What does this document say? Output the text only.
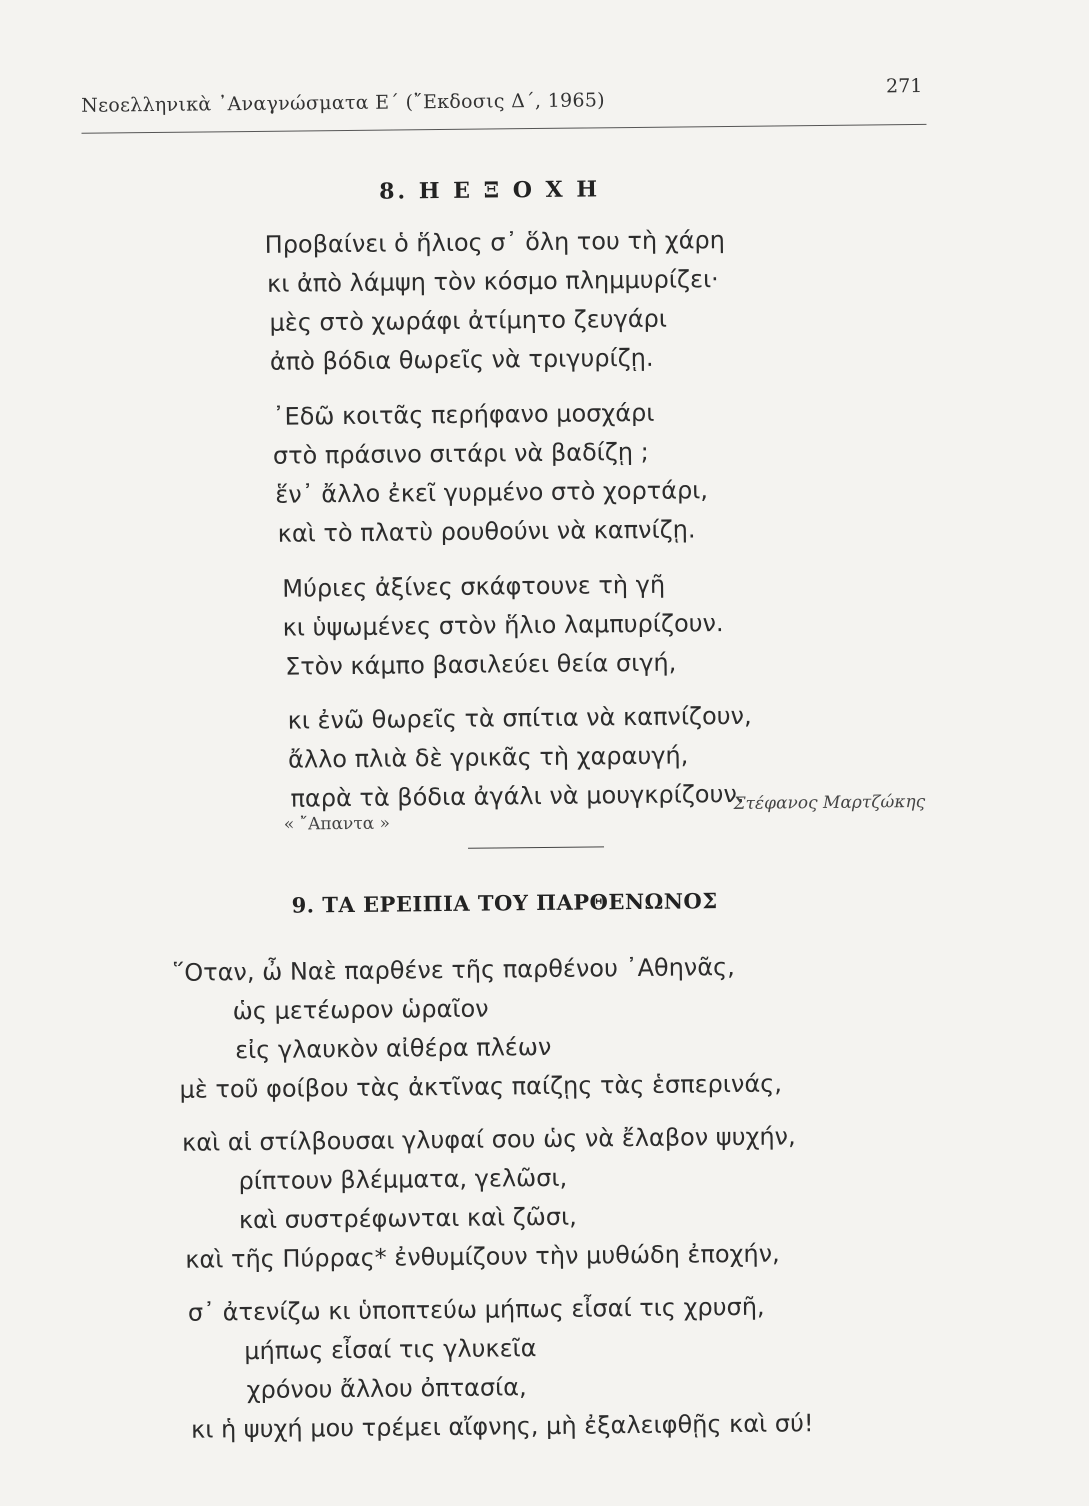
Νεοελληνικὰ ᾿Αναγνώσματα Ε΄ (῎Εκδοσις Δ΄, 1965)
271
8. Η Ε Ξ Ο Χ Η
Προβαίνει ὁ ἥλιος σ᾿ ὅλη του τὴ χάρη
κι ἀπὸ λάμψη τὸν κόσμο πλημμυρίζει·
μὲς στὸ χωράφι ἀτίμητο ζευγάρι
ἀπὸ βόδια θωρεῖς νὰ τριγυρίζῃ.
᾿Εδῶ κοιτᾶς περήφανο μοσχάρι
στὸ πράσινο σιτάρι νὰ βαδίζῃ ;
ἕν᾿ ἄλλο ἐκεῖ γυρμένο στὸ χορτάρι,
καὶ τὸ πλατὺ ρουθούνι νὰ καπνίζῃ.
Μύριες ἀξίνες σκάφτουνε τὴ γῆ
κι ὑψωμένες στὸν ἥλιο λαμπυρίζουν.
Στὸν κάμπο βασιλεύει θεία σιγή,
κι ἐνῶ θωρεῖς τὰ σπίτια νὰ καπνίζουν,
ἄλλο πλιὰ δὲ γρικᾶς τὴ χαραυγή,
παρὰ τὰ βόδια ἀγάλι νὰ μουγκρίζουν.
« ῎Απαντα »
Στέφανος Μαρτζώκης
9. ΤΑ ΕΡΕΙΠΙΑ ΤΟΥ ΠΑΡΘΕΝΩΝΟΣ
῞Οταν, ὦ Ναὲ παρθένε τῆς παρθένου ᾿Αθηνᾶς,
ὡς μετέωρον ὡραῖον
εἰς γλαυκὸν αἰθέρα πλέων
μὲ τοῦ φοίβου τὰς ἀκτῖνας παίζῃς τὰς ἑσπερινάς,
καὶ αἱ στίλβουσαι γλυφαί σου ὡς νὰ ἔλαβον ψυχήν,
ρίπτουν βλέμματα, γελῶσι,
καὶ συστρέφωνται καὶ ζῶσι,
καὶ τῆς Πύρρας* ἐνθυμίζουν τὴν μυθώδη ἐποχήν,
σ᾿ ἀτενίζω κι ὑποπτεύω μήπως εἶσαί τις χρυσῆ,
μήπως εἶσαί τις γλυκεῖα
χρόνου ἄλλου ὀπτασία,
κι ἡ ψυχή μου τρέμει αἴφνης, μὴ ἐξαλειφθῇς καὶ σύ!
